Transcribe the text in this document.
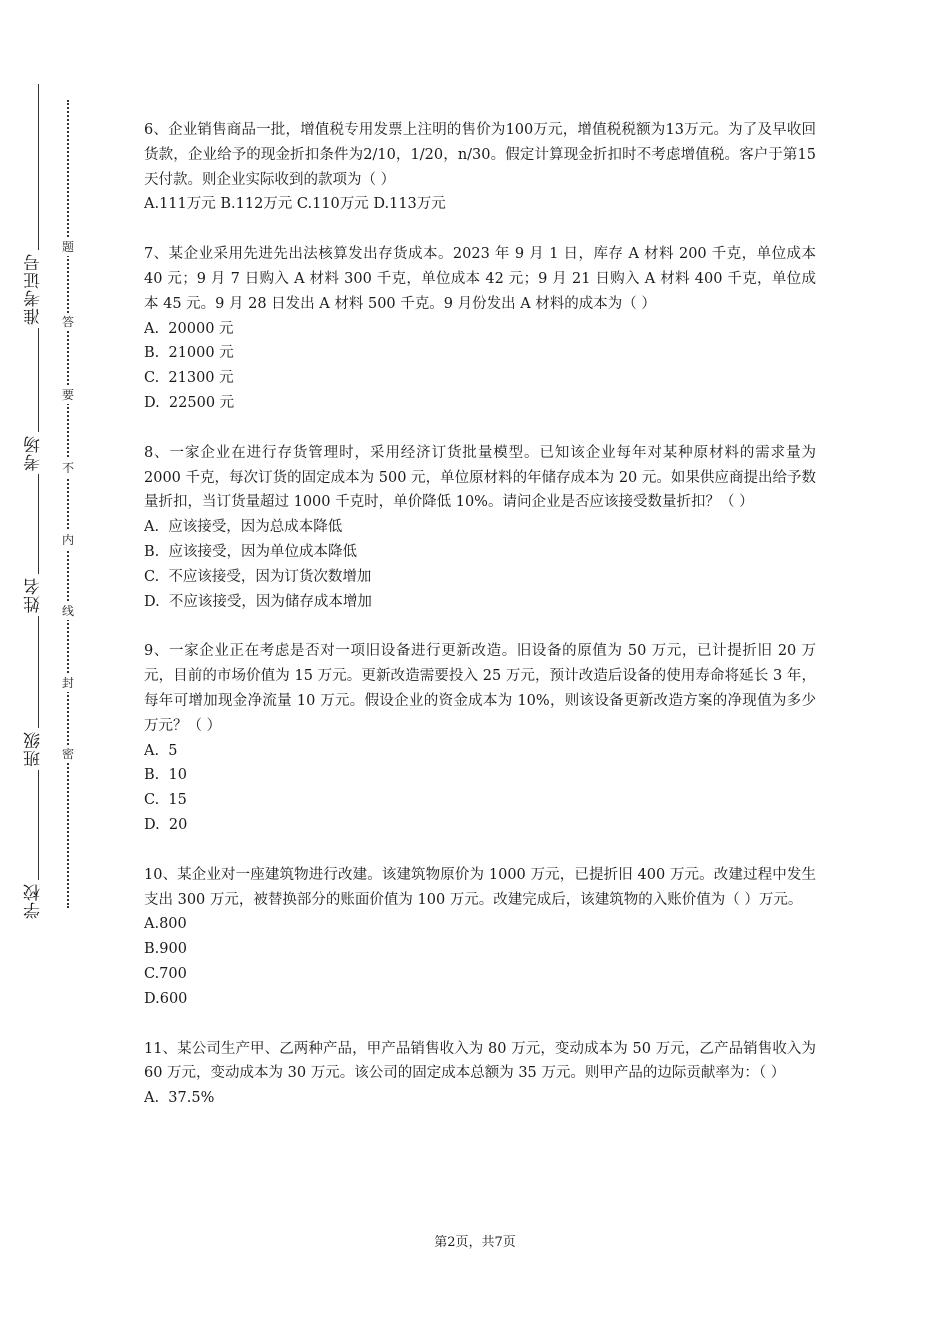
学校
班级
姓名
考场
准考证号
题
答
要
不
内
线
封
密
6、企业销售商品一批，增值税专用发票上注明的售价为100万元，增值税税额为13万元。为了及早收回货款，企业给予的现金折扣条件为2/10，1/20，n/30。假定计算现金折扣时不考虑增值税。客户于第15天付款。则企业实际收到的款项为（ ）
A.111万元 B.112万元 C.110万元 D.113万元
7、某企业采用先进先出法核算发出存货成本。2023 年 9 月 1 日，库存 A 材料 200 千克，单位成本 40 元；9 月 7 日购入 A 材料 300 千克，单位成本 42 元；9 月 21 日购入 A 材料 400 千克，单位成本 45 元。9 月 28 日发出 A 材料 500 千克。9 月份发出 A 材料的成本为（ ）
A.  20000 元
B.  21000 元
C.  21300 元
D.  22500 元
8、一家企业在进行存货管理时，采用经济订货批量模型。已知该企业每年对某种原材料的需求量为 2000 千克，每次订货的固定成本为 500 元，单位原材料的年储存成本为 20 元。如果供应商提出给予数量折扣，当订货量超过 1000 千克时，单价降低 10%。请问企业是否应该接受数量折扣？（ ）
A.  应该接受，因为总成本降低
B.  应该接受，因为单位成本降低
C.  不应该接受，因为订货次数增加
D.  不应该接受，因为储存成本增加
9、一家企业正在考虑是否对一项旧设备进行更新改造。旧设备的原值为 50 万元，已计提折旧 20 万元，目前的市场价值为 15 万元。更新改造需要投入 25 万元，预计改造后设备的使用寿命将延长 3 年，每年可增加现金净流量 10 万元。假设企业的资金成本为 10%，则该设备更新改造方案的净现值为多少万元？（ ）
A.  5
B.  10
C.  15
D.  20
10、某企业对一座建筑物进行改建。该建筑物原价为 1000 万元，已提折旧 400 万元。改建过程中发生支出 300 万元，被替换部分的账面价值为 100 万元。改建完成后，该建筑物的入账价值为（ ）万元。
A.800
B.900
C.700
D.600
11、某公司生产甲、乙两种产品，甲产品销售收入为 80 万元，变动成本为 50 万元，乙产品销售收入为 60 万元，变动成本为 30 万元。该公司的固定成本总额为 35 万元。则甲产品的边际贡献率为：（ ）
A.  37.5%
第2页，共7页
